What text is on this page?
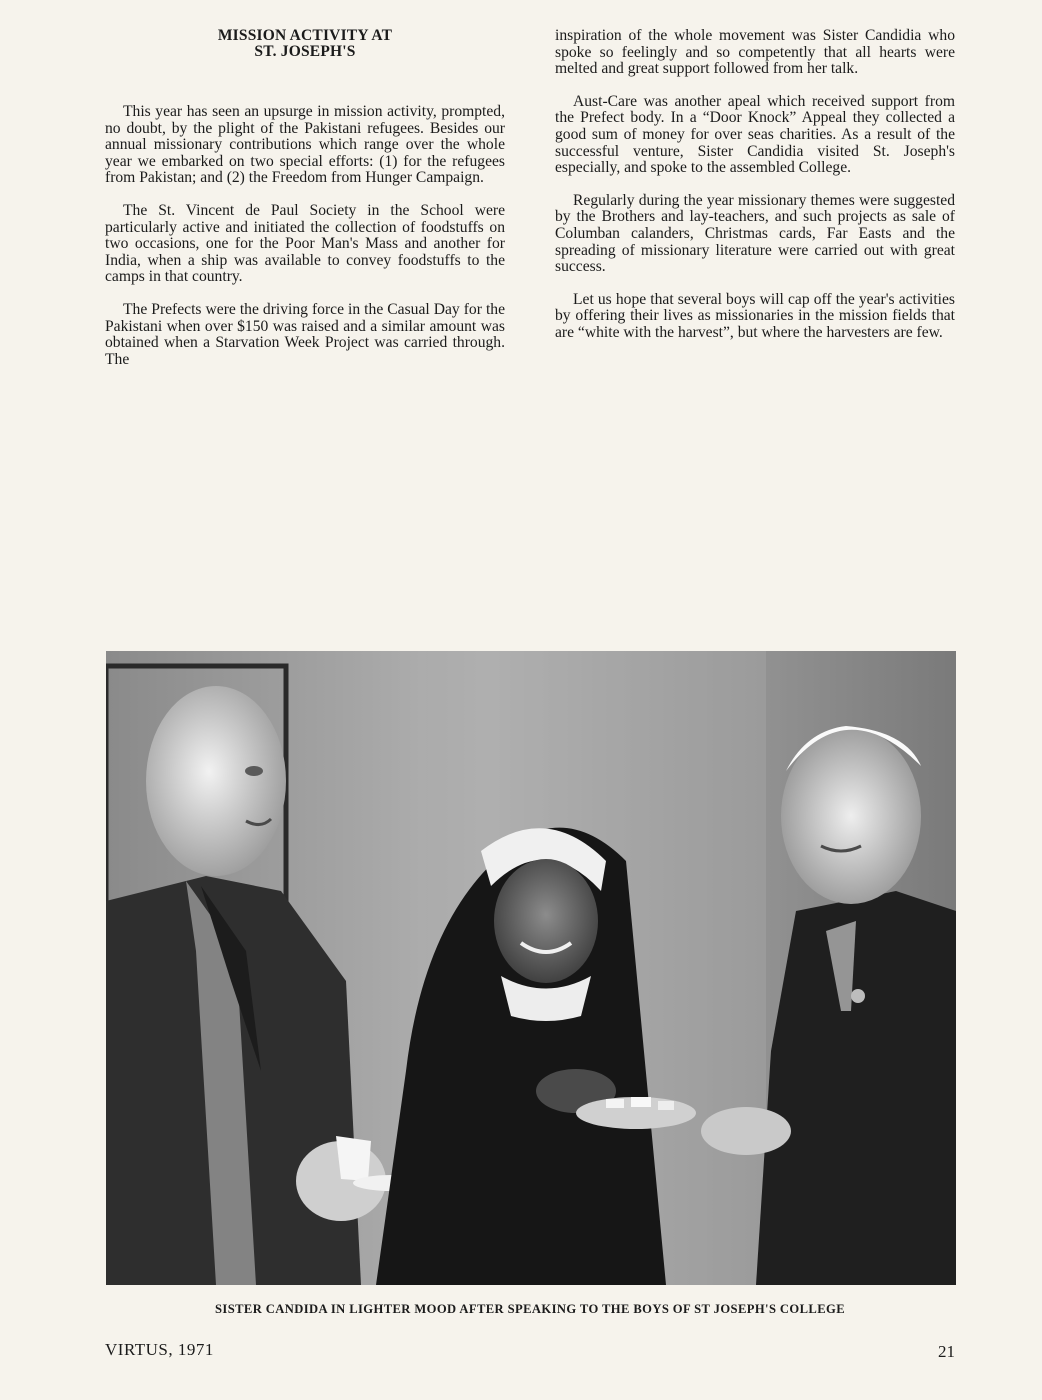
MISSION ACTIVITY AT
ST. JOSEPH'S

This year has seen an upsurge in mission activity, prompted, no doubt, by the plight of the Pakistani refugees. Besides our annual missionary contributions which range over the whole year we embarked on two special efforts: (1) for the refugees from Pakistan; and (2) the Freedom from Hunger Campaign.

The St. Vincent de Paul Society in the School were particularly active and initiated the collection of foodstuffs on two occasions, one for the Poor Man's Mass and another for India, when a ship was available to convey foodstuffs to the camps in that country.

The Prefects were the driving force in the Casual Day for the Pakistani when over $150 was raised and a similar amount was obtained when a Starvation Week Project was carried through. The

inspiration of the whole movement was Sister Candidia who spoke so feelingly and so competently that all hearts were melted and great support followed from her talk.

Aust-Care was another apeal which received support from the Prefect body. In a “Door Knock” Appeal they collected a good sum of money for over seas charities. As a result of the successful venture, Sister Candidia visited St. Joseph's especially, and spoke to the assembled College.

Regularly during the year missionary themes were suggested by the Brothers and lay-teachers, and such projects as sale of Columban calanders, Christmas cards, Far Easts and the spreading of missionary literature were carried out with great success.

Let us hope that several boys will cap off the year's activities by offering their lives as missionaries in the mission fields that are “white with the harvest”, but where the harvesters are few.

SISTER CANDIDA IN LIGHTER MOOD AFTER SPEAKING TO THE BOYS OF ST JOSEPH'S COLLEGE
VIRTUS, 1971	21
